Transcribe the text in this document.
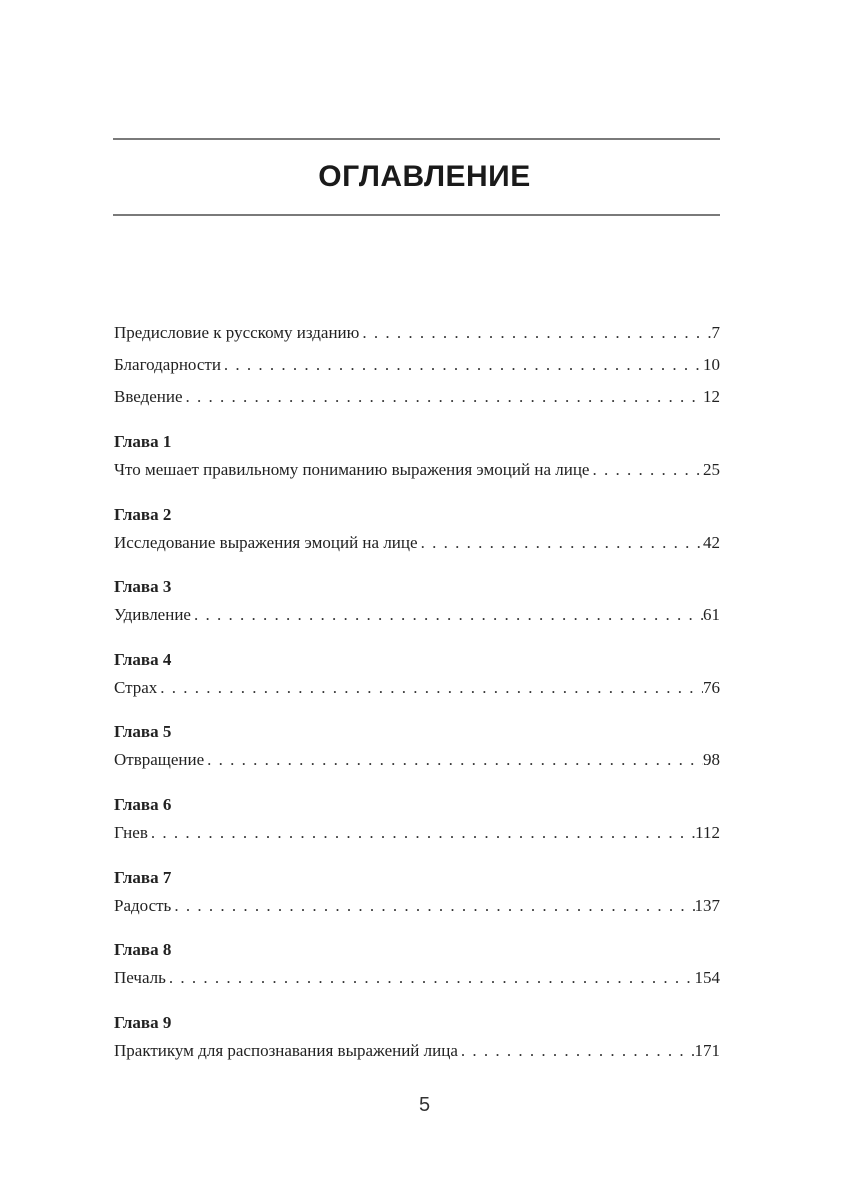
ОГЛАВЛЕНИЕ
Предисловие к русскому изданию . . .	7
Благодарности . . .	10
Введение . . .	12
Глава 1
Что мешает правильному пониманию выражения эмоций на лице . . .	25
Глава 2
Исследование выражения эмоций на лице . . .	42
Глава 3
Удивление . . .	61
Глава 4
Страх . . .	76
Глава 5
Отвращение . . .	98
Глава 6
Гнев . . .	112
Глава 7
Радость . . .	137
Глава 8
Печаль . . .	154
Глава 9
Практикум для распознавания выражений лица . . .	171
5
